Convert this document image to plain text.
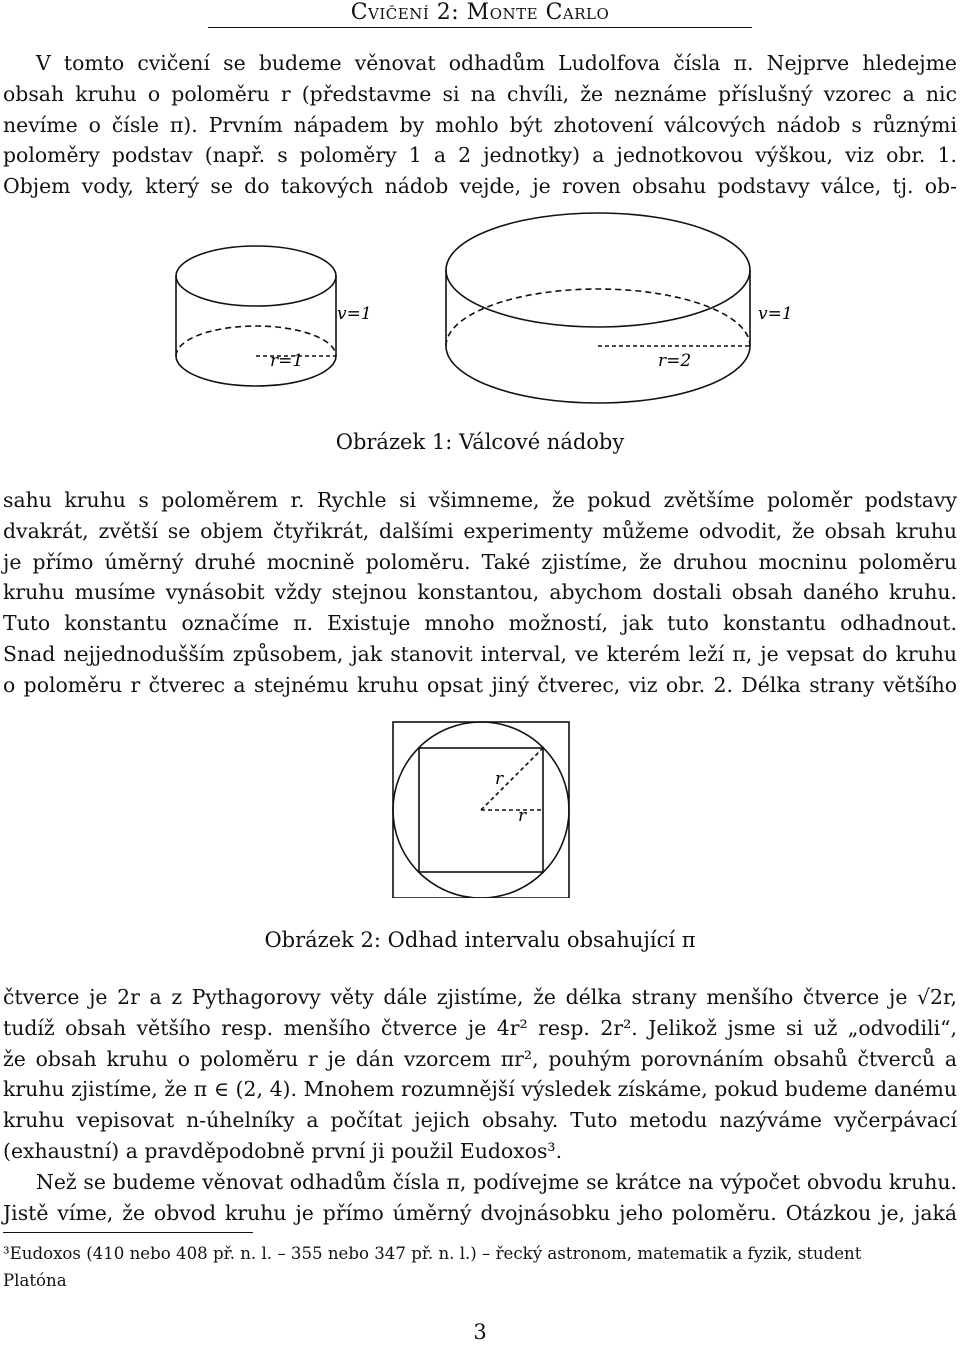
Cvičení 2: Monte Carlo
V tomto cvičení se budeme věnovat odhadům Ludolfova čísla π. Nejprve hledejme
obsah kruhu o poloměru r (představme si na chvíli, že neznáme příslušný vzorec a nic
nevíme o čísle π). Prvním nápadem by mohlo být zhotovení válcových nádob s různými
poloměry podstav (např. s poloměry 1 a 2 jednotky) a jednotkovou výškou, viz obr. 1.
Objem vody, který se do takových nádob vejde, je roven obsahu podstavy válce, tj. ob-
v=1
r=1
v=1
r=2
Obrázek 1: Válcové nádoby
sahu kruhu s poloměrem r. Rychle si všimneme, že pokud zvětšíme poloměr podstavy
dvakrát, zvětší se objem čtyřikrát, dalšími experimenty můžeme odvodit, že obsah kruhu
je přímo úměrný druhé mocnině poloměru. Také zjistíme, že druhou mocninu poloměru
kruhu musíme vynásobit vždy stejnou konstantou, abychom dostali obsah daného kruhu.
Tuto konstantu označíme π. Existuje mnoho možností, jak tuto konstantu odhadnout.
Snad nejjednodušším způsobem, jak stanovit interval, ve kterém leží π, je vepsat do kruhu
o poloměru r čtverec a stejnému kruhu opsat jiný čtverec, viz obr. 2. Délka strany většího
r
r
Obrázek 2: Odhad intervalu obsahující π
čtverce je 2r a z Pythagorovy věty dále zjistíme, že délka strany menšího čtverce je √2r,
tudíž obsah většího resp. menšího čtverce je 4r² resp. 2r². Jelikož jsme si už „odvodili“,
že obsah kruhu o poloměru r je dán vzorcem πr², pouhým porovnáním obsahů čtverců a
kruhu zjistíme, že π ∈ (2, 4). Mnohem rozumnější výsledek získáme, pokud budeme danému
kruhu vepisovat n-úhelníky a počítat jejich obsahy. Tuto metodu nazýváme vyčerpávací
(exhaustní) a pravděpodobně první ji použil Eudoxos³.
Než se budeme věnovat odhadům čísla π, podívejme se krátce na výpočet obvodu kruhu.
Jistě víme, že obvod kruhu je přímo úměrný dvojnásobku jeho poloměru. Otázkou je, jaká
³Eudoxos (410 nebo 408 př. n. l. – 355 nebo 347 př. n. l.) – řecký astronom, matematik a fyzik, student
Platóna
3
